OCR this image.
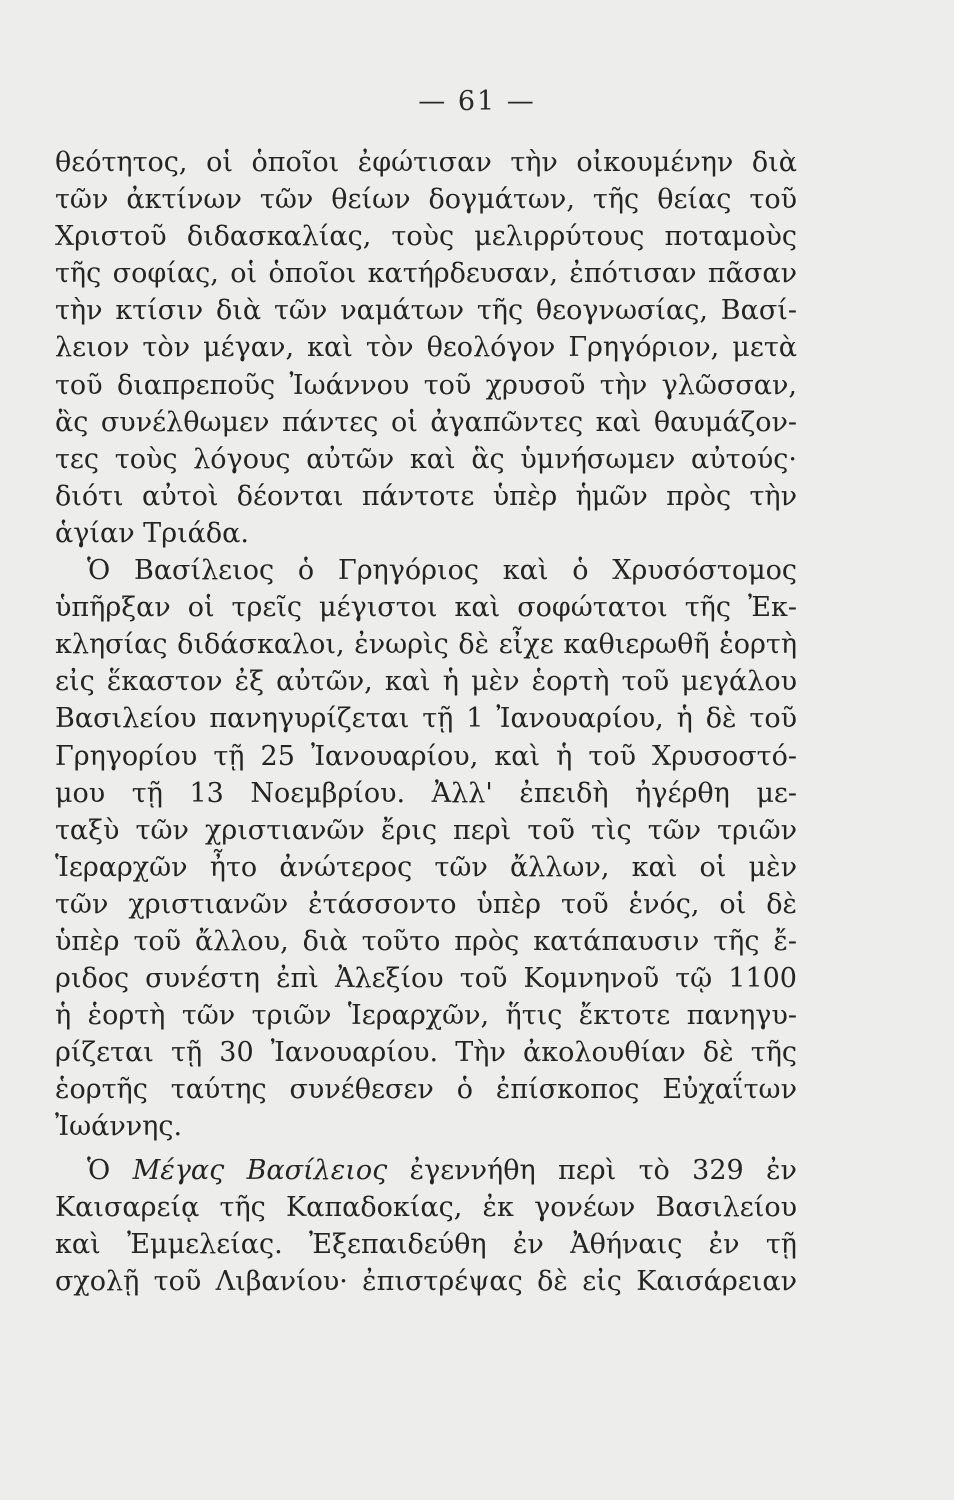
— 61 —
θεότητος, οἱ ὁποῖοι ἐφώτισαν τὴν οἰκουμένην διὰ
τῶν ἀκτίνων τῶν θείων δογμάτων, τῆς θείας τοῦ
Χριστοῦ διδασκαλίας, τοὺς μελιρρύτους ποταμοὺς
τῆς σοφίας, οἱ ὁποῖοι κατήρδευσαν, ἐπότισαν πᾶσαν
τὴν κτίσιν διὰ τῶν ναμάτων τῆς θεογνωσίας, Βασί-
λειον τὸν μέγαν, καὶ τὸν θεολόγον Γρηγόριον, μετὰ
τοῦ διαπρεποῦς Ἰωάννου τοῦ χρυσοῦ τὴν γλῶσσαν,
ἃς συνέλθωμεν πάντες οἱ ἀγαπῶντες καὶ θαυμάζον-
τες τοὺς λόγους αὐτῶν καὶ ἃς ὑμνήσωμεν αὐτούς·
διότι αὐτοὶ δέονται πάντοτε ὑπὲρ ἡμῶν πρὸς τὴν
ἁγίαν Τριάδα.
Ὁ Βασίλειος ὁ Γρηγόριος καὶ ὁ Χρυσόστομος
ὑπῆρξαν οἱ τρεῖς μέγιστοι καὶ σοφώτατοι τῆς Ἐκ-
κλησίας διδάσκαλοι, ἐνωρὶς δὲ εἶχε καθιερωθῆ ἑορτὴ
εἰς ἕκαστον ἐξ αὐτῶν, καὶ ἡ μὲν ἑορτὴ τοῦ μεγάλου
Βασιλείου πανηγυρίζεται τῇ 1 Ἰανουαρίου, ἡ δὲ τοῦ
Γρηγορίου τῇ 25 Ἰανουαρίου, καὶ ἡ τοῦ Χρυσοστό-
μου τῇ 13 Νοεμβρίου. Ἀλλ' ἐπειδὴ ἠγέρθη με-
ταξὺ τῶν χριστιανῶν ἔρις περὶ τοῦ τὶς τῶν τριῶν
Ἱεραρχῶν ἦτο ἀνώτερος τῶν ἄλλων, καὶ οἱ μὲν
τῶν χριστιανῶν ἐτάσσοντο ὑπὲρ τοῦ ἑνός, οἱ δὲ
ὑπὲρ τοῦ ἄλλου, διὰ τοῦτο πρὸς κατάπαυσιν τῆς ἔ-
ριδος συνέστη ἐπὶ Ἀλεξίου τοῦ Κομνηνοῦ τῷ 1100
ἡ ἑορτὴ τῶν τριῶν Ἱεραρχῶν, ἥτις ἔκτοτε πανηγυ-
ρίζεται τῇ 30 Ἰανουαρίου. Τὴν ἀκολουθίαν δὲ τῆς
ἑορτῆς ταύτης συνέθεσεν ὁ ἐπίσκοπος Εὐχαΐτων
Ἰωάννης.
Ὁ Μέγας Βασίλειος ἐγεννήθη περὶ τὸ 329 ἐν
Καισαρείᾳ τῆς Καπαδοκίας, ἐκ γονέων Βασιλείου
καὶ Ἐμμελείας. Ἐξεπαιδεύθη ἐν Ἀθήναις ἐν τῇ
σχολῇ τοῦ Λιβανίου· ἐπιστρέψας δὲ εἰς Καισάρειαν
